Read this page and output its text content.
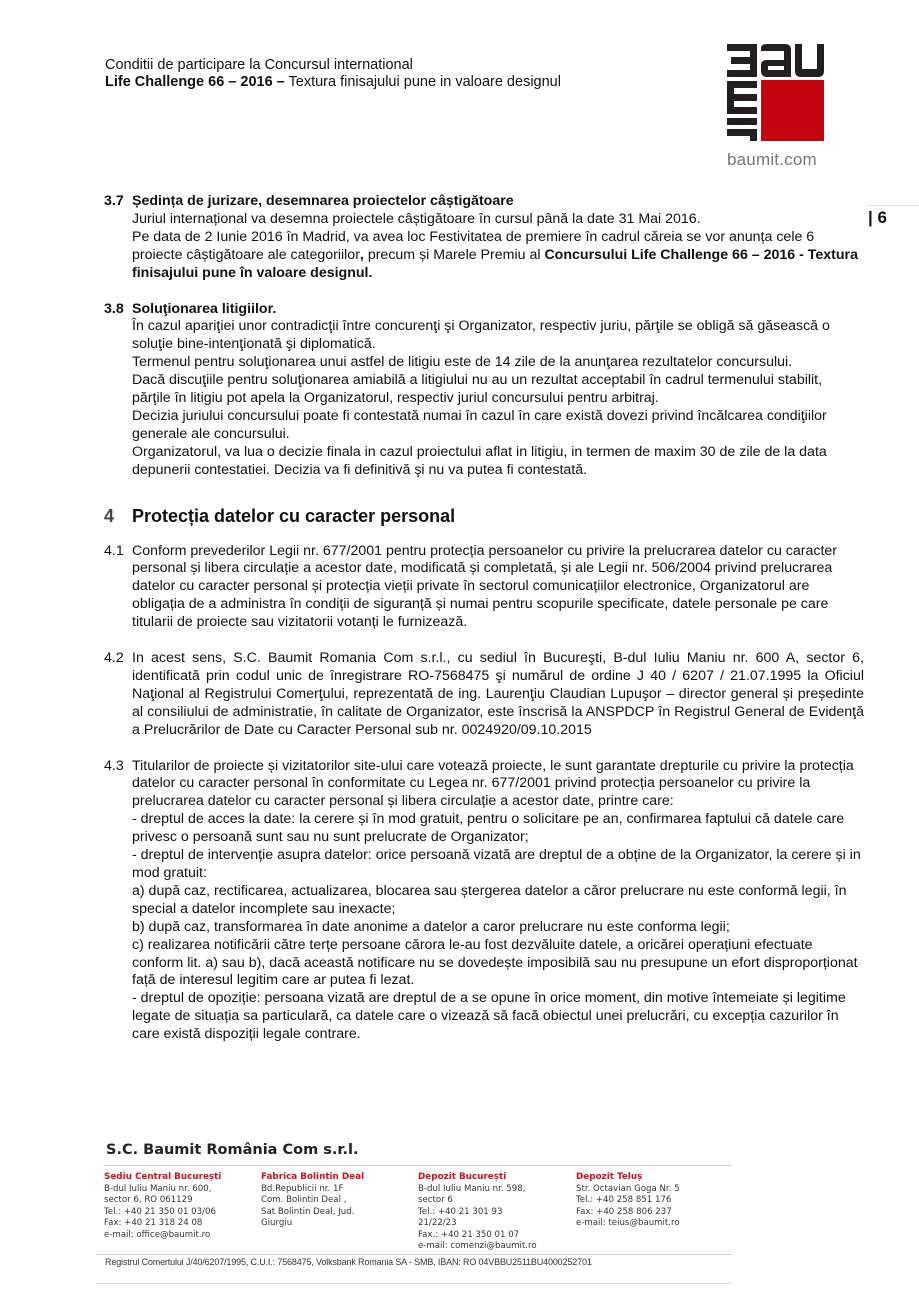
Conditii de participare la Concursul international
Life Challenge 66 – 2016 – Textura finisajului pune in valoare designul
baumit.com
| 6
3.7 Ședința de jurizare, desemnarea proiectelor câștigătoare
Juriul internațional va desemna proiectele câștigătoare în cursul până la date 31 Mai 2016.
Pe data de 2 Iunie 2016 în Madrid, va avea loc Festivitatea de premiere în cadrul căreia se vor anunța cele 6 proiecte câștigătoare ale categoriilor, precum și Marele Premiu al Concursului Life Challenge 66 – 2016 - Textura finisajului pune în valoare designul.
3.8 Soluţionarea litigiilor.
În cazul apariţiei unor contradicţii între concurenţi şi Organizator, respectiv juriu, părţile se obligă să găsească o soluţie bine-intenţionată şi diplomatică.
Termenul pentru soluţionarea unui astfel de litigiu este de 14 zile de la anunţarea rezultatelor concursului.
Dacă discuţiile pentru soluţionarea amiabilă a litigiului nu au un rezultat acceptabil în cadrul termenului stabilit, părţile în litigiu pot apela la Organizatorul, respectiv juriul concursului pentru arbitraj.
Decizia juriului concursului poate fi contestată numai în cazul în care există dovezi privind încălcarea condiţiilor generale ale concursului.
Organizatorul, va lua o decizie finala in cazul proiectului aflat in litigiu, in termen de maxim 30 de zile de la data depunerii contestatiei. Decizia va fi definitivă şi nu va putea fi contestată.
4 Protecția datelor cu caracter personal
4.1 Conform prevederilor Legii nr. 677/2001 pentru protecția persoanelor cu privire la prelucrarea datelor cu caracter personal și libera circulație a acestor date, modificată și completată, și ale Legii nr. 506/2004 privind prelucrarea datelor cu caracter personal și protecția vieții private în sectorul comunicațiilor electronice, Organizatorul are obligația de a administra în condiții de siguranță și numai pentru scopurile specificate, datele personale pe care titularii de proiecte sau vizitatorii votanți le furnizează.
4.2 In acest sens, S.C. Baumit Romania Com s.r.l., cu sediul în Bucureşti, B-dul Iuliu Maniu nr. 600 A, sector 6, identificată prin codul unic de înregistrare RO-7568475 şi numărul de ordine J 40 / 6207 / 21.07.1995 la Oficiul Naţional al Registrului Comerţului, reprezentată de ing. Laurenţiu Claudian Lupuşor – director general și președinte al consiliului de administratie, în calitate de Organizator, este înscrisă la ANSPDCP în Registrul General de Evidenţă a Prelucrărilor de Date cu Caracter Personal sub nr. 0024920/09.10.2015
4.3 Titularilor de proiecte și vizitatorilor site-ului care votează proiecte, le sunt garantate drepturile cu privire la protecția datelor cu caracter personal în conformitate cu Legea nr. 677/2001 privind protecția persoanelor cu privire la prelucrarea datelor cu caracter personal și libera circulație a acestor date, printre care:
- dreptul de acces la date: la cerere și în mod gratuit, pentru o solicitare pe an, confirmarea faptului că datele care privesc o persoană sunt sau nu sunt prelucrate de Organizator;
- dreptul de intervenție asupra datelor: orice persoană vizată are dreptul de a obține de la Organizator, la cerere și in mod gratuit:
a) după caz, rectificarea, actualizarea, blocarea sau ștergerea datelor a căror prelucrare nu este conformă legii, în special a datelor incomplete sau inexacte;
b) după caz, transformarea în date anonime a datelor a caror prelucrare nu este conforma legii;
c) realizarea notificării către terțe persoane cărora le-au fost dezvăluite datele, a oricărei operațiuni efectuate conform lit. a) sau b), dacă această notificare nu se dovedește imposibilă sau nu presupune un efort disproporționat față de interesul legitim care ar putea fi lezat.
- dreptul de opoziție: persoana vizată are dreptul de a se opune în orice moment, din motive întemeiate și legitime legate de situația sa particulară, ca datele care o vizează să facă obiectul unei prelucrări, cu excepția cazurilor în care există dispoziții legale contrare.
S.C. Baumit România Com s.r.l.
Sediu Central București
B-dul Iuliu Maniu nr. 600,
sector 6, RO 061129
Tel.: +40 21 350 01 03/06
Fax: +40 21 318 24 08
e-mail: office@baumit.ro
Fabrica Bolintin Deal
Bd.Republicii nr. 1F
Com. Bolintin Deal ,
Sat Bolintin Deal, Jud.
Giurgiu
Depozit București
B-dul Iuliu Maniu nr. 598,
sector 6
Tel.: +40 21 301 93
21/22/23
Fax.: +40 21 350 01 07
e-mail: comenzi@baumit.ro
Depozit Teluș
Str. Octavian Goga Nr. 5
Tel.: +40 258 851 176
Fax: +40 258 806 237
e-mail: teius@baumit.ro
Registrul Comertului J/40/6207/1995, C.U.I.: 7568475, Volksbank Romania SA - SMB, IBAN: RO 04VBBU2511BU4000252701
